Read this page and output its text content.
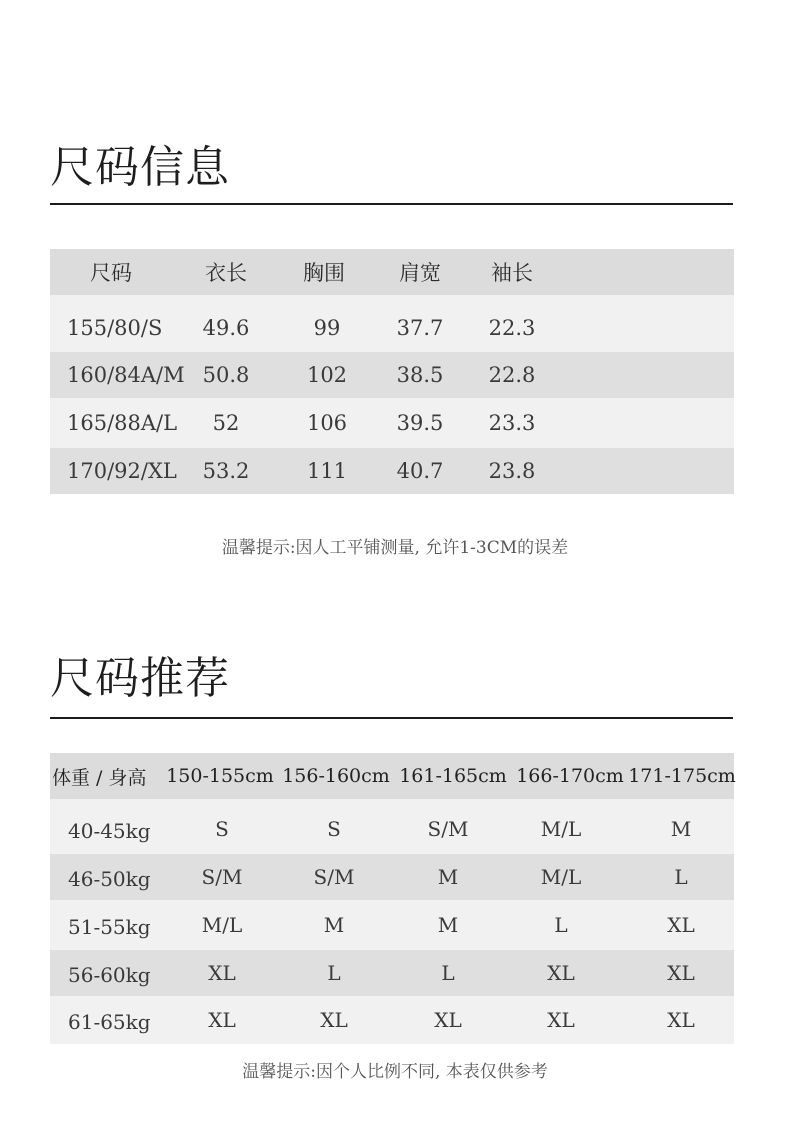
尺码信息
尺码	衣长	胸围	肩宽	袖长
155/80/S	49.6	99	37.7	22.3
160/84A/M 50.8	102	38.5	22.8
165/88A/L	52	106	39.5	23.3
170/92/XL	53.2	111	40.7	23.8
温馨提示:因人工平铺测量, 允许1-3CM的误差
尺码推荐
体重 / 身高 150-155cm 156-160cm 161-165cm 166-170cm 171-175cm
40-45kg	S	S	S/M	M/L	M
46-50kg	S/M	S/M	M	M/L	L
51-55kg	M/L	M	M	L	XL
56-60kg	XL	L	L	XL	XL
61-65kg	XL	XL	XL	XL	XL
温馨提示:因个人比例不同, 本表仅供参考
